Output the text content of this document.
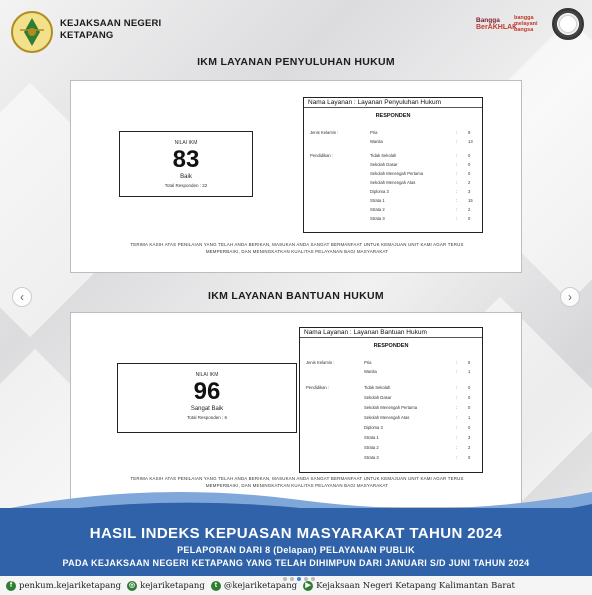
KEJAKSAAN NEGERI
KETAPANG
Bangga
BerAKHLAK
bangga melayani bangsa
IKM LAYANAN PENYULUHAN HUKUM
NILAI IKM
83
Baik
Total Responden : 22
Nama Layanan : Layanan Penyuluhan Hukum
RESPONDEN
Jenis Kelamin :	Pria	:	9
Wanita	:	13
Pendidikan :	Tidak Sekolah	:	0
Sekolah Dasar	:	0
Sekolah Menengah Pertama	:	0
Sekolah Menengah Atas	:	2
Diploma 3	:	3
Strata 1	:	15
Strata 2	:	2
Strata 3	:	0
TERIMA KASIH ATAS PENILAIAN YANG TELAH ANDA BERIKAN, MASUKAN ANDA SANGAT BERMANFAAT UNTUK KEMAJUAN UNIT KAMI AGAR TERUS
MEMPERBAIKI, DAN MENINGKATKAN KUALITAS PELAYANAN BAGI MASYARAKAT
IKM LAYANAN BANTUAN HUKUM
NILAI IKM
96
Sangat Baik
Total Responden : 6
Nama Layanan : Layanan Bantuan Hukum
RESPONDEN
Jenis Kelamin :	Pria	:	5
Wanita	:	1
Pendidikan :	Tidak Sekolah	:	0
Sekolah Dasar	:	0
Sekolah Menengah Pertama	:	0
Sekolah Menengah Atas	:	1
Diploma 3	:	0
Strata 1	:	3
Strata 2	:	2
Strata 3	:	0
TERIMA KASIH ATAS PENILAIAN YANG TELAH ANDA BERIKAN, MASUKAN ANDA SANGAT BERMANFAAT UNTUK KEMAJUAN UNIT KAMI AGAR TERUS
MEMPERBAIKI, DAN MENINGKATKAN KUALITAS PELAYANAN BAGI MASYARAKAT
HASIL INDEKS KEPUASAN MASYARAKAT TAHUN 2024
PELAPORAN DARI 8 (Delapan) PELAYANAN PUBLIK
PADA KEJAKSAAN NEGERI KETAPANG YANG TELAH DIHIMPUN DARI JANUARI S/D JUNI TAHUN 2024
f penkum.kejariketapang ◎ kejariketapang	t @kejariketapang	▶ Kejaksaan Negeri Ketapang Kalimantan Barat
‹	›
